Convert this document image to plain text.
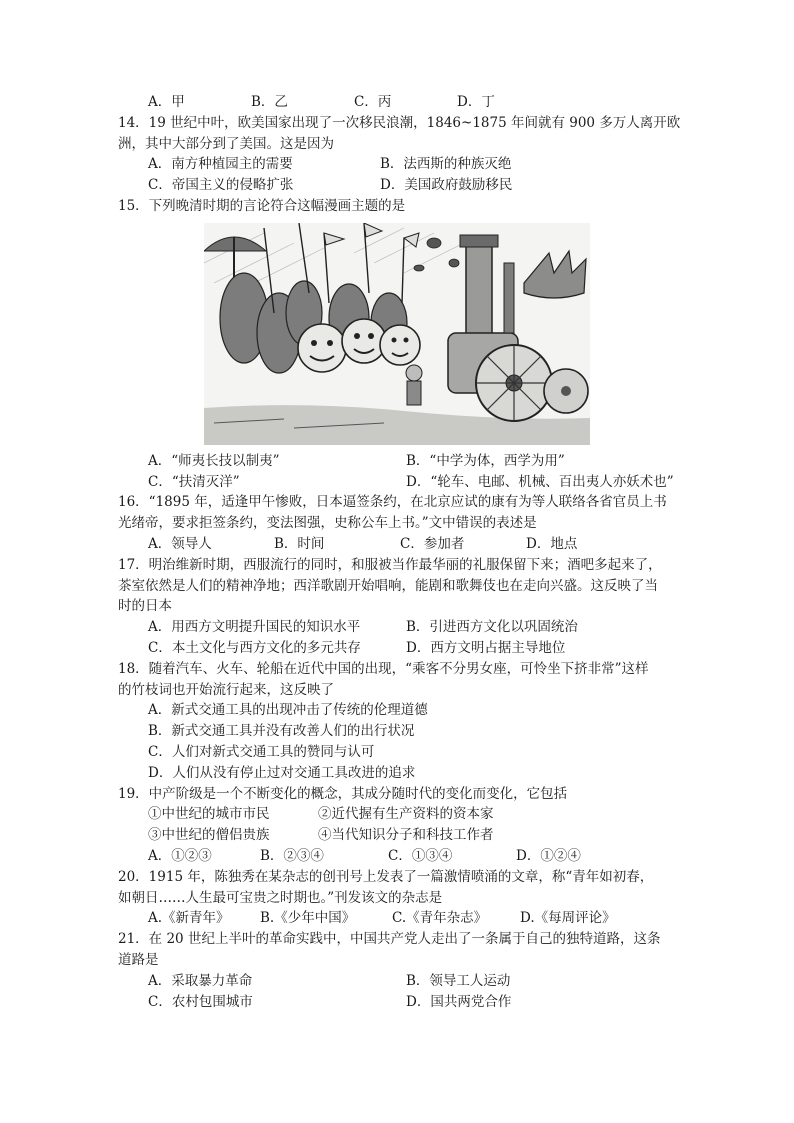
A．甲	B．乙	C．丙	D．丁
14．19 世纪中叶，欧美国家出现了一次移民浪潮，1846~1875 年间就有 900 多万人离开欧
洲，其中大部分到了美国。这是因为
A．南方种植园主的需要	B．法西斯的种族灭绝
C．帝国主义的侵略扩张	D．美国政府鼓励移民
15．下列晚清时期的言论符合这幅漫画主题的是
A．“师夷长技以制夷”	B．“中学为体，西学为用”
C．“扶清灭洋”	D．“轮车、电邮、机械、百出夷人亦妖术也”
16．“1895 年，适逢甲午惨败，日本逼签条约，在北京应试的康有为等人联络各省官员上书
光绪帝，要求拒签条约，变法图强，史称公车上书。”文中错误的表述是
A．领导人	B．时间	C．参加者	D．地点
17．明治维新时期，西服流行的同时，和服被当作最华丽的礼服保留下来；酒吧多起来了，
茶室依然是人们的精神净地；西洋歌剧开始唱响，能剧和歌舞伎也在走向兴盛。这反映了当
时的日本
A．用西方文明提升国民的知识水平	B．引进西方文化以巩固统治
C．本土文化与西方文化的多元共存	D．西方文明占据主导地位
18．随着汽车、火车、轮船在近代中国的出现，“乘客不分男女座，可怜坐下挤非常”这样
的竹枝词也开始流行起来，这反映了
A．新式交通工具的出现冲击了传统的伦理道德
B．新式交通工具并没有改善人们的出行状况
C．人们对新式交通工具的赞同与认可
D．人们从没有停止过对交通工具改进的追求
19．中产阶级是一个不断变化的概念，其成分随时代的变化而变化，它包括
①中世纪的城市市民	②近代握有生产资料的资本家
③中世纪的僧侣贵族	④当代知识分子和科技工作者
A．①②③	B．②③④	C．①③④	D．①②④
20．1915 年，陈独秀在某杂志的创刊号上发表了一篇激情喷涌的文章，称“青年如初春，
如朝日……人生最可宝贵之时期也。”刊发该文的杂志是
A.《新青年》 B.《少年中国》	C.《青年杂志》 D.《每周评论》
21．在 20 世纪上半叶的革命实践中，中国共产党人走出了一条属于自己的独特道路，这条
道路是
A．采取暴力革命	B．领导工人运动
C．农村包围城市	D．国共两党合作
